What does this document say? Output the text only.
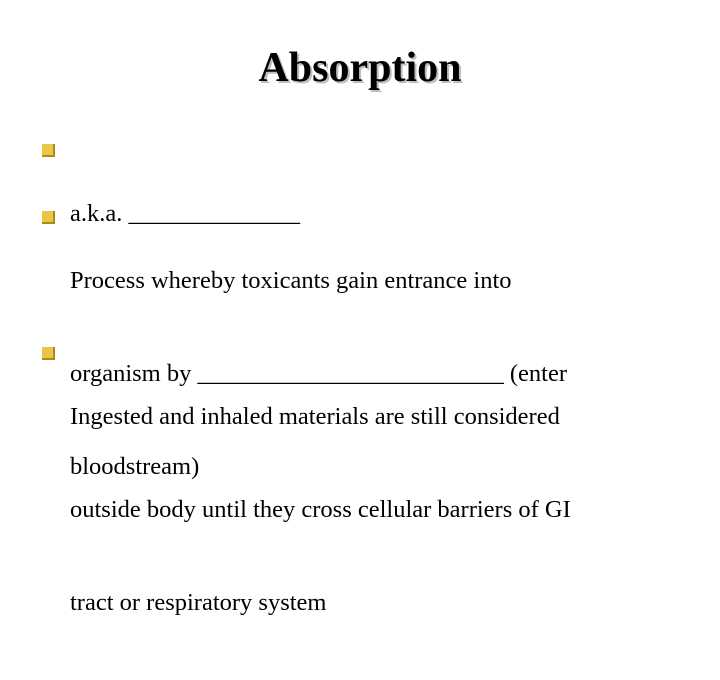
Absorption

a.k.a. ______________

Process whereby toxicants gain entrance into

organism by _________________________ (enter

bloodstream)

Ingested and inhaled materials are still considered

outside body until they cross cellular barriers of GI

tract or respiratory system
